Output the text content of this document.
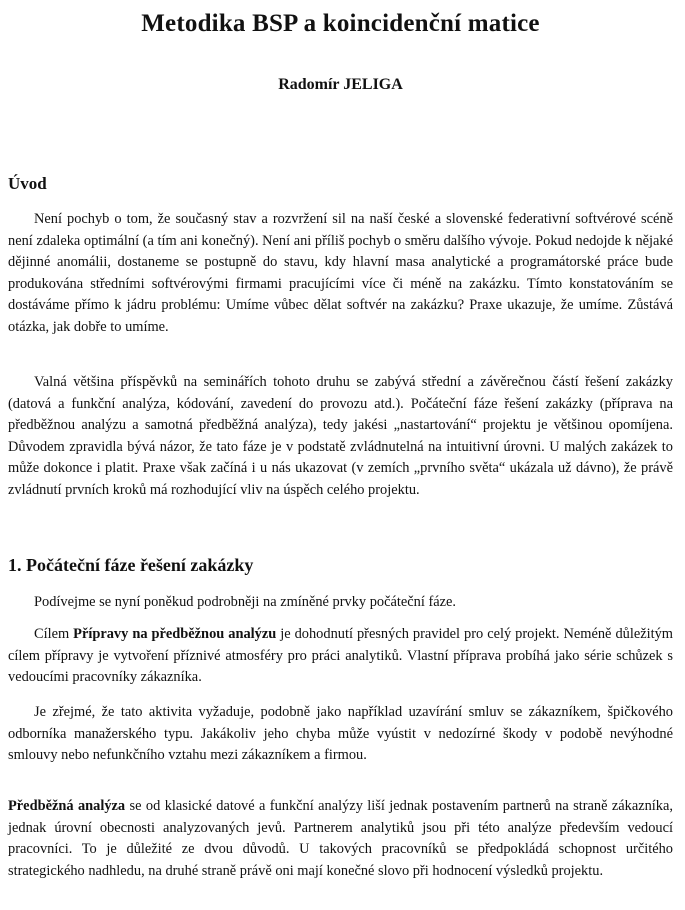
Metodika BSP a koincidenční matice
Radomír JELIGA
Úvod

Není pochyb o tom, že současný stav a rozvržení sil na naší české a slovenské federativní softvérové scéně není zdaleka optimální (a tím ani konečný). Není ani příliš pochyb o směru dalšího vývoje. Pokud nedojde k nějaké dějinné anomálii, dostaneme se postupně do stavu, kdy hlavní masa analytické a programátorské práce bude produkována středními softvérovými firmami pracujícími více či méně na zakázku. Tímto konstatováním se dostáváme přímo k jádru problému: Umíme vůbec dělat softvér na zakázku? Praxe ukazuje, že umíme. Zůstává otázka, jak dobře to umíme.

Valná většina příspěvků na seminářích tohoto druhu se zabývá střední a závěrečnou částí řešení zakázky (datová a funkční analýza, kódování, zavedení do provozu atd.). Počáteční fáze řešení zakázky (příprava na předběžnou analýzu a samotná předběžná analýza), tedy jakési „nastartování“ projektu je většinou opomíjena. Důvodem zpravidla bývá názor, že tato fáze je v podstatě zvládnutelná na intuitivní úrovni. U malých zakázek to může dokonce i platit. Praxe však začíná i u nás ukazovat (v zemích „prvního světa“ ukázala už dávno), že právě zvládnutí prvních kroků má rozhodující vliv na úspěch celého projektu.

1. Počáteční fáze řešení zakázky

Podívejme se nyní poněkud podrobněji na zmíněné prvky počáteční fáze.

Cílem Přípravy na předběžnou analýzu je dohodnutí přesných pravidel pro celý projekt. Neméně důležitým cílem přípravy je vytvoření příznivé atmosféry pro práci analytiků. Vlastní příprava probíhá jako série schůzek s vedoucími pracovníky zákazníka.

Je zřejmé, že tato aktivita vyžaduje, podobně jako například uzavírání smluv se zákazníkem, špičkového odborníka manažerského typu. Jakákoliv jeho chyba může vyústit v nedozírné škody v podobě nevýhodné smlouvy nebo nefunkčního vztahu mezi zákazníkem a firmou.

Předběžná analýza se od klasické datové a funkční analýzy liší jednak postavením partnerů na straně zákazníka, jednak úrovní obecnosti analyzovaných jevů. Partnerem analytiků jsou při této analýze především vedoucí pracovníci. To je důležité ze dvou důvodů. U takových pracovníků se předpokládá schopnost určitého strategického nadhledu, na druhé straně právě oni mají konečné slovo při hodnocení výsledků projektu.
